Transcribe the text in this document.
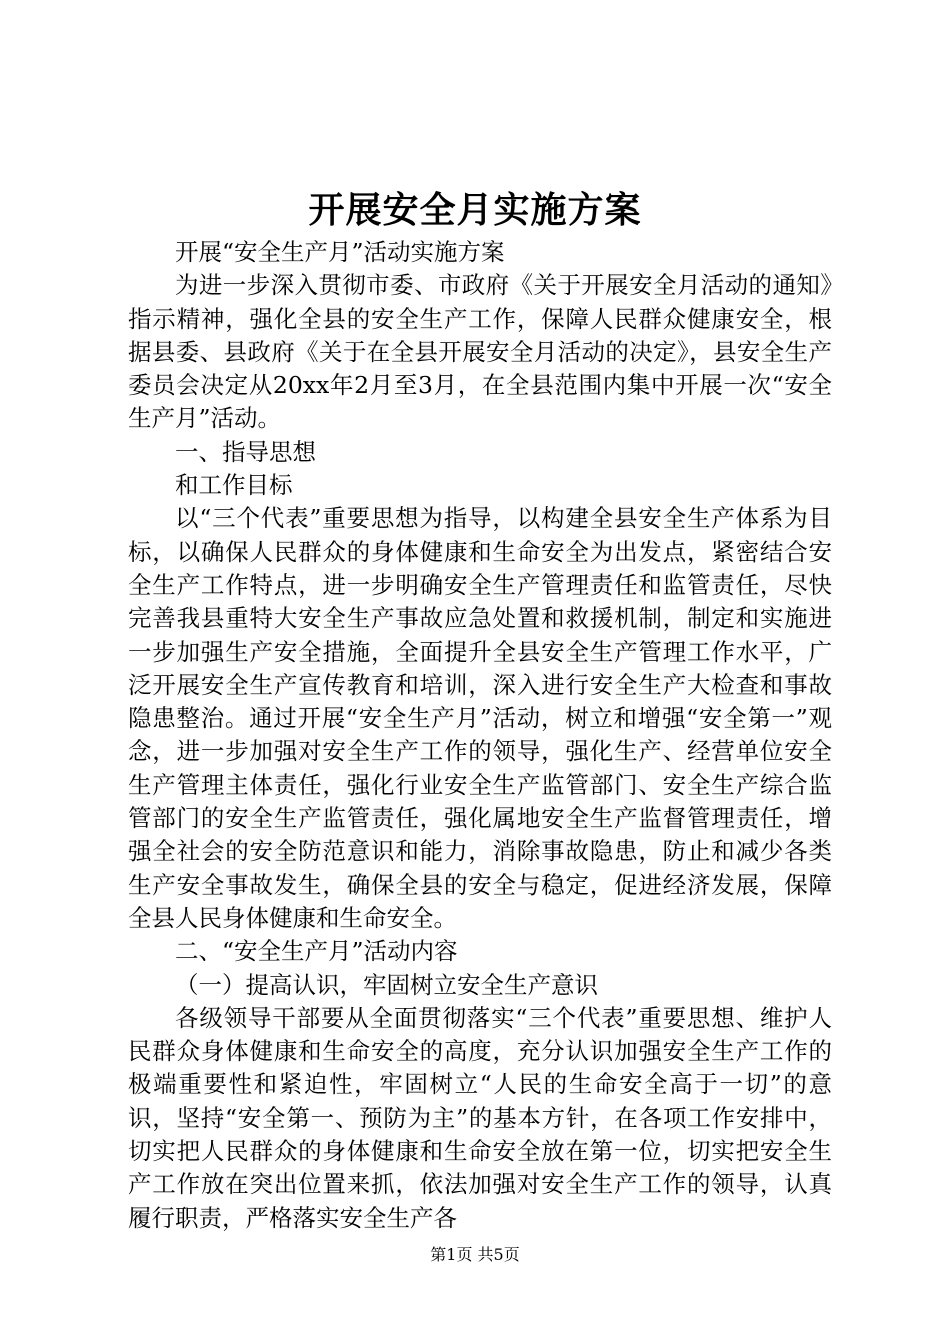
开展安全月实施方案

开展“安全生产月”活动实施方案

为进一步深入贯彻市委、市政府《关于开展安全月活动的通知》指示精神，强化全县的安全生产工作，保障人民群众健康安全，根据县委、县政府《关于在全县开展安全月活动的决定》，县安全生产委员会决定从20xx年2月至3月，在全县范围内集中开展一次“安全生产月”活动。

一、指导思想

和工作目标

以“三个代表”重要思想为指导，以构建全县安全生产体系为目标，以确保人民群众的身体健康和生命安全为出发点，紧密结合安全生产工作特点，进一步明确安全生产管理责任和监管责任，尽快完善我县重特大安全生产事故应急处置和救援机制，制定和实施进一步加强生产安全措施，全面提升全县安全生产管理工作水平，广泛开展安全生产宣传教育和培训，深入进行安全生产大检查和事故隐患整治。通过开展“安全生产月”活动，树立和增强“安全第一”观念，进一步加强对安全生产工作的领导，强化生产、经营单位安全生产管理主体责任，强化行业安全生产监管部门、安全生产综合监管部门的安全生产监管责任，强化属地安全生产监督管理责任，增强全社会的安全防范意识和能力，消除事故隐患，防止和减少各类生产安全事故发生，确保全县的安全与稳定，促进经济发展，保障全县人民身体健康和生命安全。

二、“安全生产月”活动内容

（一）提高认识，牢固树立安全生产意识

各级领导干部要从全面贯彻落实“三个代表”重要思想、维护人民群众身体健康和生命安全的高度，充分认识加强安全生产工作的极端重要性和紧迫性，牢固树立“人民的生命安全高于一切”的意识，坚持“安全第一、预防为主”的基本方针，在各项工作安排中，切实把人民群众的身体健康和生命安全放在第一位，切实把安全生产工作放在突出位置来抓，依法加强对安全生产工作的领导，认真履行职责，严格落实安全生产各

第1页 共5页
